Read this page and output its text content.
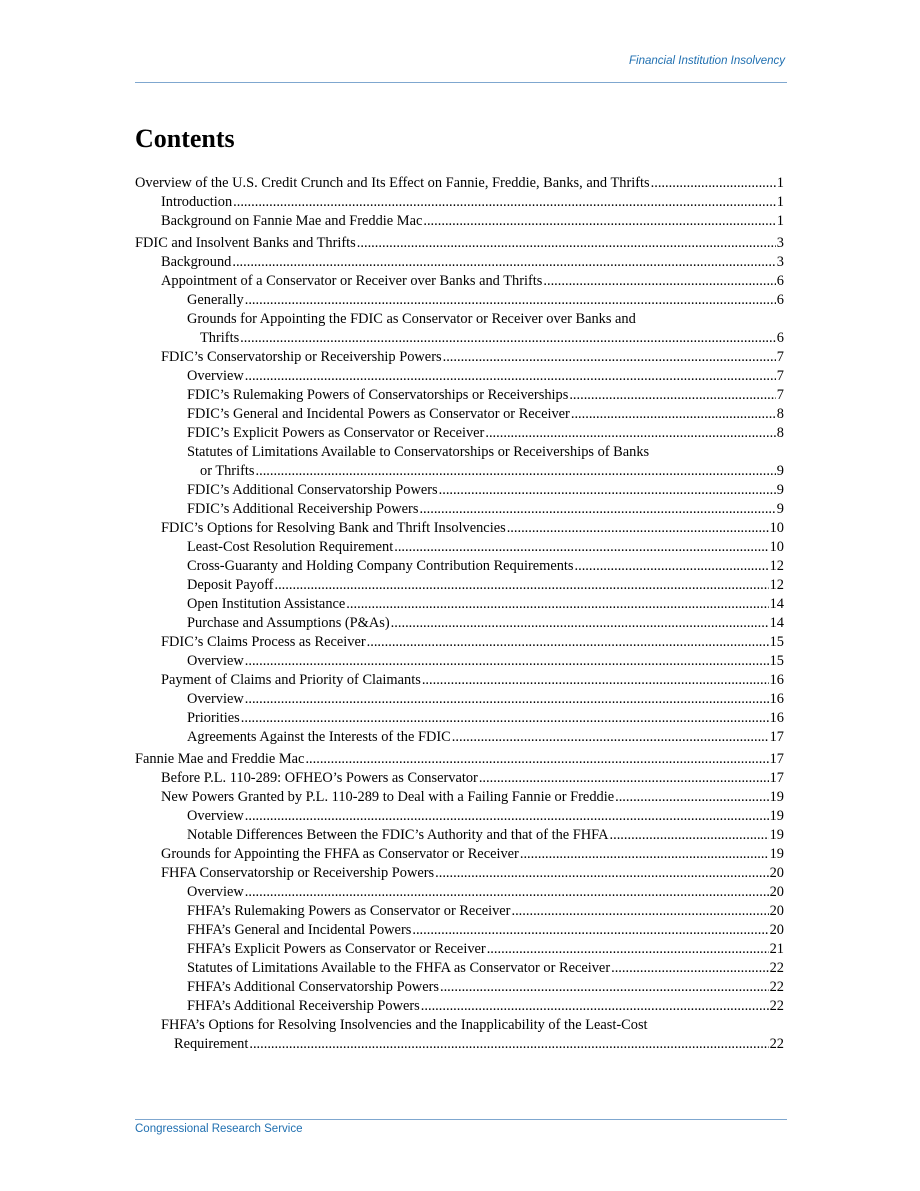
Financial Institution Insolvency
Contents
Overview of the U.S. Credit Crunch and Its Effect on Fannie, Freddie, Banks, and Thrifts .....	1
Introduction .....	1
Background on Fannie Mae and Freddie Mac .....	1
FDIC and Insolvent Banks and Thrifts .....	3
Background .....	3
Appointment of a Conservator or Receiver over Banks and Thrifts .....	6
Generally .....	6
Grounds for Appointing the FDIC as Conservator or Receiver over Banks and
Thrifts .....	6
FDIC’s Conservatorship or Receivership Powers .....	7
Overview .....	7
FDIC’s Rulemaking Powers of Conservatorships or Receiverships .....	7
FDIC’s General and Incidental Powers as Conservator or Receiver .....	8
FDIC’s Explicit Powers as Conservator or Receiver .....	8
Statutes of Limitations Available to Conservatorships or Receiverships of Banks
or Thrifts .....	9
FDIC’s Additional Conservatorship Powers .....	9
FDIC’s Additional Receivership Powers .....	9
FDIC’s Options for Resolving Bank and Thrift Insolvencies .....	10
Least-Cost Resolution Requirement .....	10
Cross-Guaranty and Holding Company Contribution Requirements .....	12
Deposit Payoff .....	12
Open Institution Assistance .....	14
Purchase and Assumptions (P&As) .....	14
FDIC’s Claims Process as Receiver .....	15
Overview .....	15
Payment of Claims and Priority of Claimants .....	16
Overview .....	16
Priorities .....	16
Agreements Against the Interests of the FDIC .....	17
Fannie Mae and Freddie Mac .....	17
Before P.L. 110-289: OFHEO’s Powers as Conservator .....	17
New Powers Granted by P.L. 110-289 to Deal with a Failing Fannie or Freddie .....	19
Overview .....	19
Notable Differences Between the FDIC’s Authority and that of the FHFA .....	19
Grounds for Appointing the FHFA as Conservator or Receiver .....	19
FHFA Conservatorship or Receivership Powers .....	20
Overview .....	20
FHFA’s Rulemaking Powers as Conservator or Receiver .....	20
FHFA’s General and Incidental Powers .....	20
FHFA’s Explicit Powers as Conservator or Receiver .....	21
Statutes of Limitations Available to the FHFA as Conservator or Receiver .....	22
FHFA’s Additional Conservatorship Powers .....	22
FHFA’s Additional Receivership Powers .....	22
FHFA’s Options for Resolving Insolvencies and the Inapplicability of the Least-Cost
Requirement .....	22
Congressional Research Service
